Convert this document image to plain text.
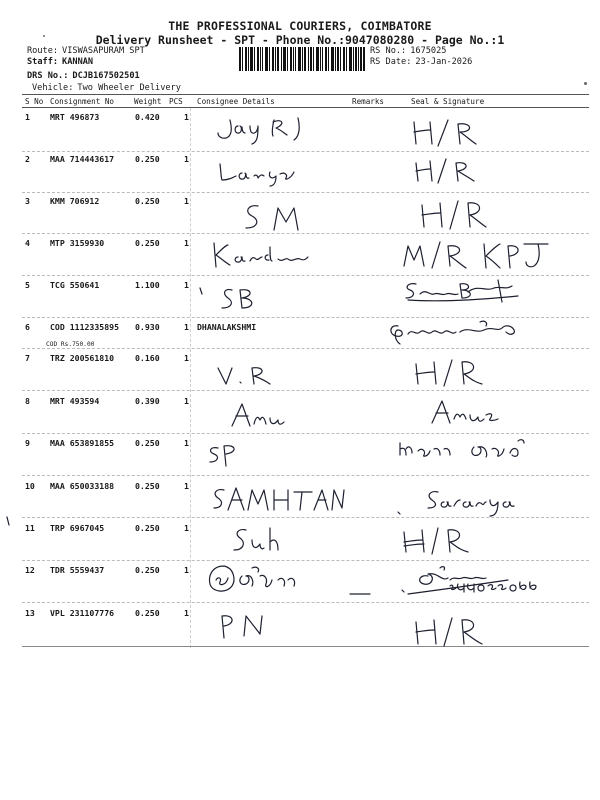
THE PROFESSIONAL COURIERS, COIMBATORE
Delivery Runsheet - SPT - Phone No.:9047080280 - Page No.:1
Route: VISWASAPURAM SPT
Staff: KANNAN
DRS No.: DCJB167502501
Vehicle: Two Wheeler Delivery
RS No.: 1675025
RS Date: 23-Jan-2026
S No Consignment No	Weight PCS Consignee Details	Remarks	Seal & Signature
1 MRT 496873	0.420	1
2 MAA 714443617	0.250	1
3 KMM 706912	0.250	1
4 MTP 3159930	0.250	1
5 TCG 550641	1.100	1
6 COD 1112335895 0.930	1 DHANALAKSHMI
COD Rs.750.00
7 TRZ 200561810	0.160	1
8 MRT 493594	0.390	1
9 MAA 653891855	0.250	1
10 MAA 650033188	0.250	1
11 TRP 6967045	0.250	1
12 TDR 5559437	0.250	1
13 VPL 231107776	0.250	1
